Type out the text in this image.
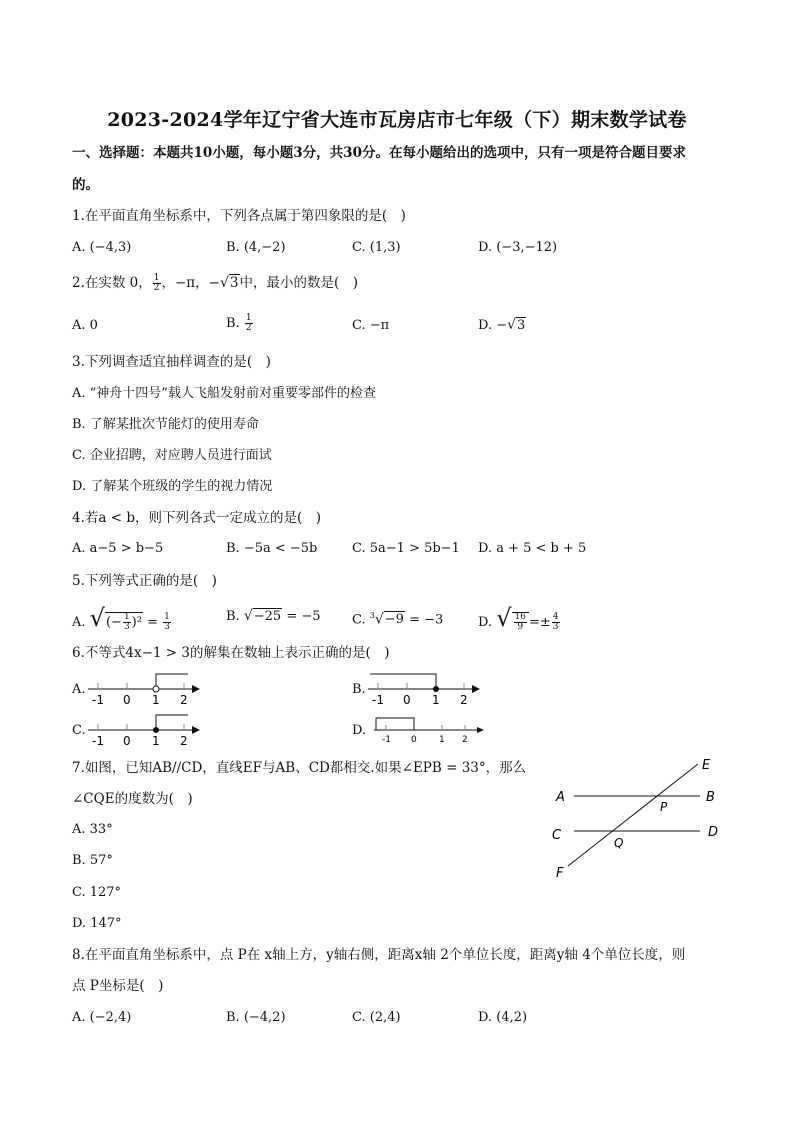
2023-2024学年辽宁省大连市瓦房店市七年级（下）期末数学试卷
一、选择题：本题共10小题，每小题3分，共30分。在每小题给出的选项中，只有一项是符合题目要求
的。
1.在平面直角坐标系中，下列各点属于第四象限的是(　)
A. (−4,3)	B. (4,−2)	C. (1,3)	D. (−3,−12)
2.在实数 0， $\frac{1}{2}$ ，−π，−√3中，最小的数是(　)
A. 0	B. $\frac{1}{2}$	C. −π	D. −√3
3.下列调查适宜抽样调查的是(　)
A. “神舟十四号”载人飞船发射前对重要零部件的检查
B. 了解某批次节能灯的使用寿命
C. 企业招聘，对应聘人员进行面试
D. 了解某个班级的学生的视力情况
4.若a < b，则下列各式一定成立的是(　)
A. a−5 > b−5	B. −5a < −5b	C. 5a−1 > 5b−1 D. a + 5 < b + 5
5.下列等式正确的是(　)
A. √(− $\frac{1}{3} )^2 = \frac{1}{3}$	B. √−25 = −5 C. $^3$√−9 = −3	D. √ $\frac{16}{9} =\pm \frac{4}{3}$
6.不等式4x−1 > 3的解集在数轴上表示正确的是(　)
A.
-1 0 1 2
B.
-1 0 1 2
C.
-1 0 1 2
D.
-1 0 1 2
7.如图，已知AB//CD，直线EF与AB、CD都相交.如果∠EPB = 33°，那么
∠CQE的度数为(　)
A. 33°
B. 57°
C. 127°
D. 147°
E
A	B
P
C	D
Q
F
8.在平面直角坐标系中，点 P在 x轴上方，y轴右侧，距离x轴 2个单位长度，距离y轴 4个单位长度，则
点 P坐标是(　)
A. (−2,4)	B. (−4,2)	C. (2,4)	D. (4,2)
